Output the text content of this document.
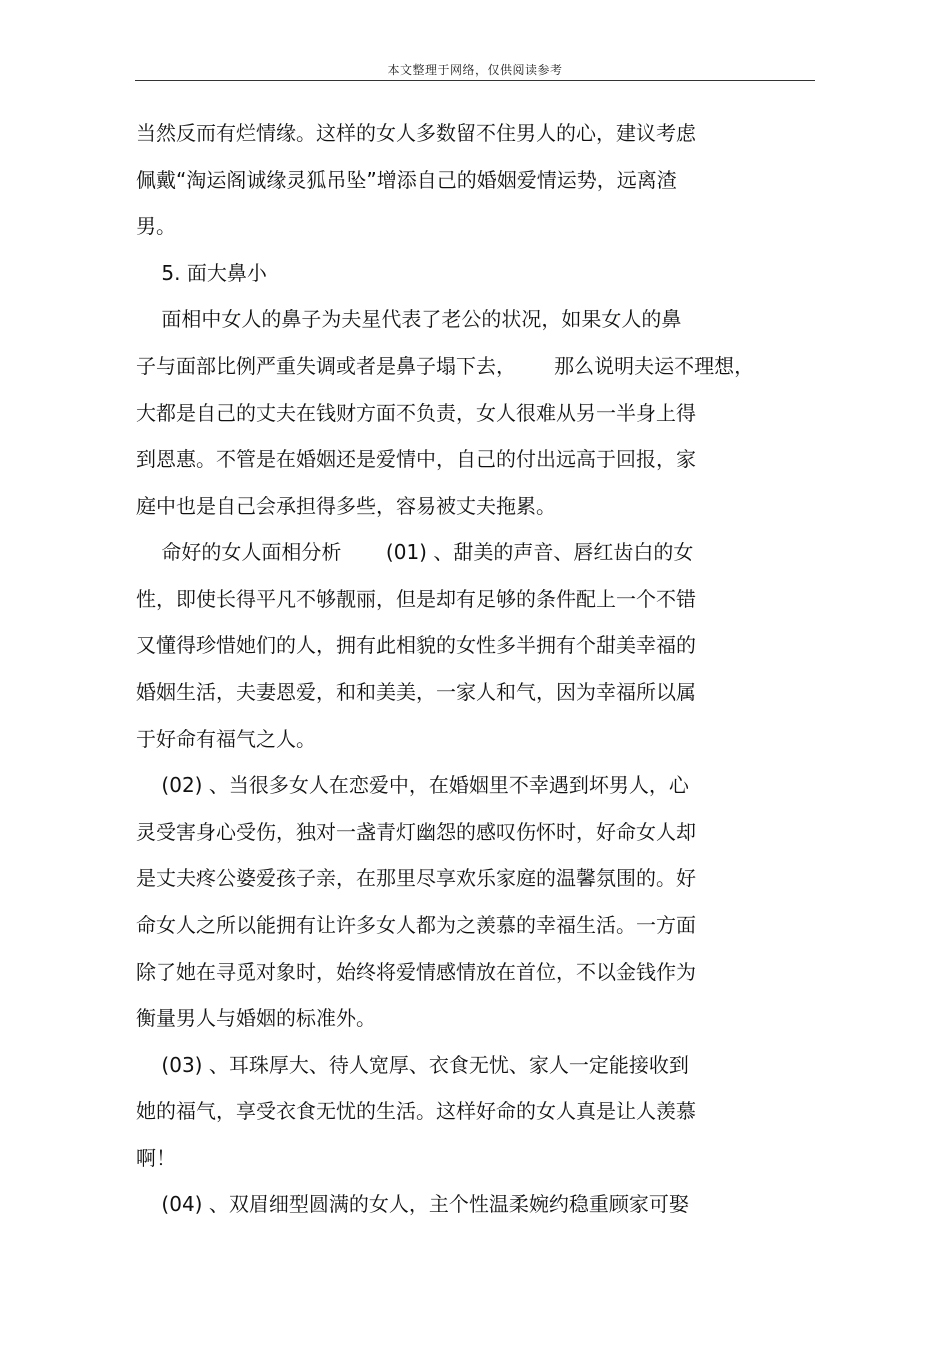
本文整理于网络，仅供阅读参考
当然反而有烂情缘。这样的女人多数留不住男人的心，建议考虑
佩戴“淘运阁诚缘灵狐吊坠”增添自己的婚姻爱情运势，远离渣
男。
5. 面大鼻小
面相中女人的鼻子为夫星代表了老公的状况，如果女人的鼻
子与面部比例严重失调或者是鼻子塌下去，      那么说明夫运不理想，
大都是自己的丈夫在钱财方面不负责，女人很难从另一半身上得
到恩惠。不管是在婚姻还是爱情中，自己的付出远高于回报，家
庭中也是自己会承担得多些，容易被丈夫拖累。
命好的女人面相分析       (01) 、甜美的声音、唇红齿白的女
性，即使长得平凡不够靓丽，但是却有足够的条件配上一个不错
又懂得珍惜她们的人，拥有此相貌的女性多半拥有个甜美幸福的
婚姻生活，夫妻恩爱，和和美美，一家人和气，因为幸福所以属
于好命有福气之人。
(02) 、当很多女人在恋爱中，在婚姻里不幸遇到坏男人，心
灵受害身心受伤，独对一盏青灯幽怨的感叹伤怀时，好命女人却
是丈夫疼公婆爱孩子亲，在那里尽享欢乐家庭的温馨氛围的。好
命女人之所以能拥有让许多女人都为之羡慕的幸福生活。一方面
除了她在寻觅对象时，始终将爱情感情放在首位，不以金钱作为
衡量男人与婚姻的标准外。
(03) 、耳珠厚大、待人宽厚、衣食无忧、家人一定能接收到
她的福气，享受衣食无忧的生活。这样好命的女人真是让人羡慕
啊！
(04) 、双眉细型圆满的女人，主个性温柔婉约稳重顾家可娶
